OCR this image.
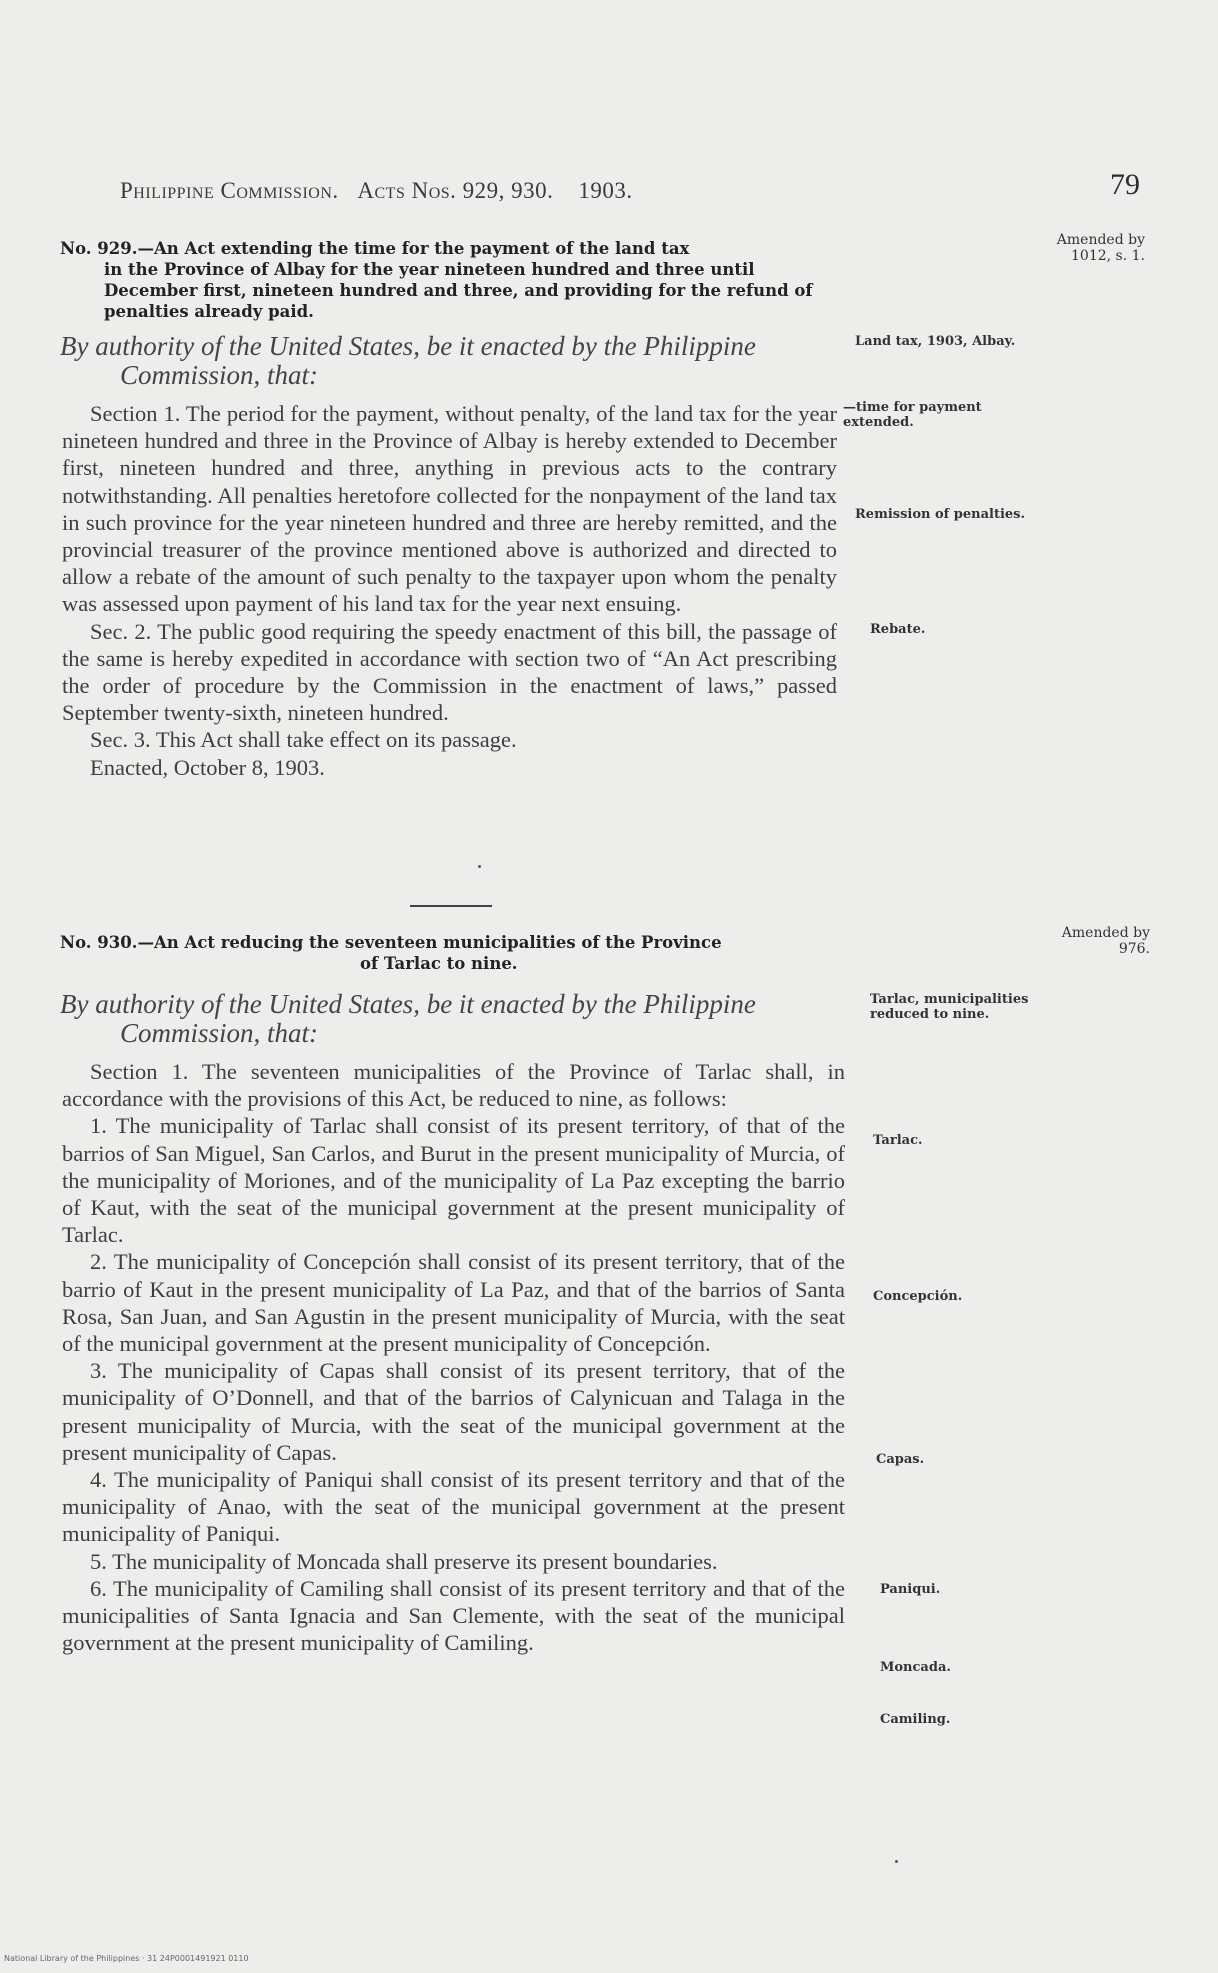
Philippine Commission. Acts Nos. 929, 930. 1903.	79
No. 929.—An Act extending the time for the payment of the land tax
in the Province of Albay for the year nineteen hundred and three until December first, nineteen hundred and three, and providing for the refund of penalties already paid.
Amended by 1012, s. 1.
By authority of the United States, be it enacted by the Philippine
Commission, that:

Section 1. The period for the payment, without penalty, of the land tax for the year nineteen hundred and three in the Province of Albay is hereby extended to December first, nineteen hundred and three, anything in previous acts to the contrary notwithstanding. All penalties heretofore collected for the nonpayment of the land tax in such province for the year nineteen hundred and three are hereby remitted, and the provincial treasurer of the province mentioned above is authorized and directed to allow a rebate of the amount of such penalty to the taxpayer upon whom the penalty was assessed upon payment of his land tax for the year next ensuing.

Sec. 2. The public good requiring the speedy enactment of this bill, the passage of the same is hereby expedited in accordance with section two of “An Act prescribing the order of procedure by the Commission in the enactment of laws,” passed September twenty-sixth, nineteen hundred.

Sec. 3. This Act shall take effect on its passage.

Enacted, October 8, 1903.

Land tax, 1903, Albay.
—time for payment extended.
Remission of penalties.
Rebate.
No. 930.—An Act reducing the seventeen municipalities of the Province
of Tarlac to nine.
Amended by 976.
By authority of the United States, be it enacted by the Philippine
Commission, that:

Section 1. The seventeen municipalities of the Province of Tarlac shall, in accordance with the provisions of this Act, be reduced to nine, as follows:

1. The municipality of Tarlac shall consist of its present territory, of that of the barrios of San Miguel, San Carlos, and Burut in the present municipality of Murcia, of the municipality of Moriones, and of the municipality of La Paz excepting the barrio of Kaut, with the seat of the municipal government at the present municipality of Tarlac.

2. The municipality of Concepción shall consist of its present territory, that of the barrio of Kaut in the present municipality of La Paz, and that of the barrios of Santa Rosa, San Juan, and San Agustin in the present municipality of Murcia, with the seat of the municipal government at the present municipality of Concepción.

3. The municipality of Capas shall consist of its present territory, that of the municipality of O’Donnell, and that of the barrios of Calynicuan and Talaga in the present municipality of Murcia, with the seat of the municipal government at the present municipality of Capas.

4. The municipality of Paniqui shall consist of its present territory and that of the municipality of Anao, with the seat of the municipal government at the present municipality of Paniqui.

5. The municipality of Moncada shall preserve its present boundaries.

6. The municipality of Camiling shall consist of its present territory and that of the municipalities of Santa Ignacia and San Clemente, with the seat of the municipal government at the present municipality of Camiling.

Tarlac, municipalities reduced to nine.
Tarlac.
Concepción.
Capas.
Paniqui.
Moncada.
Camiling.
National Library of the Philippines · 31 24P0001491921 0110
